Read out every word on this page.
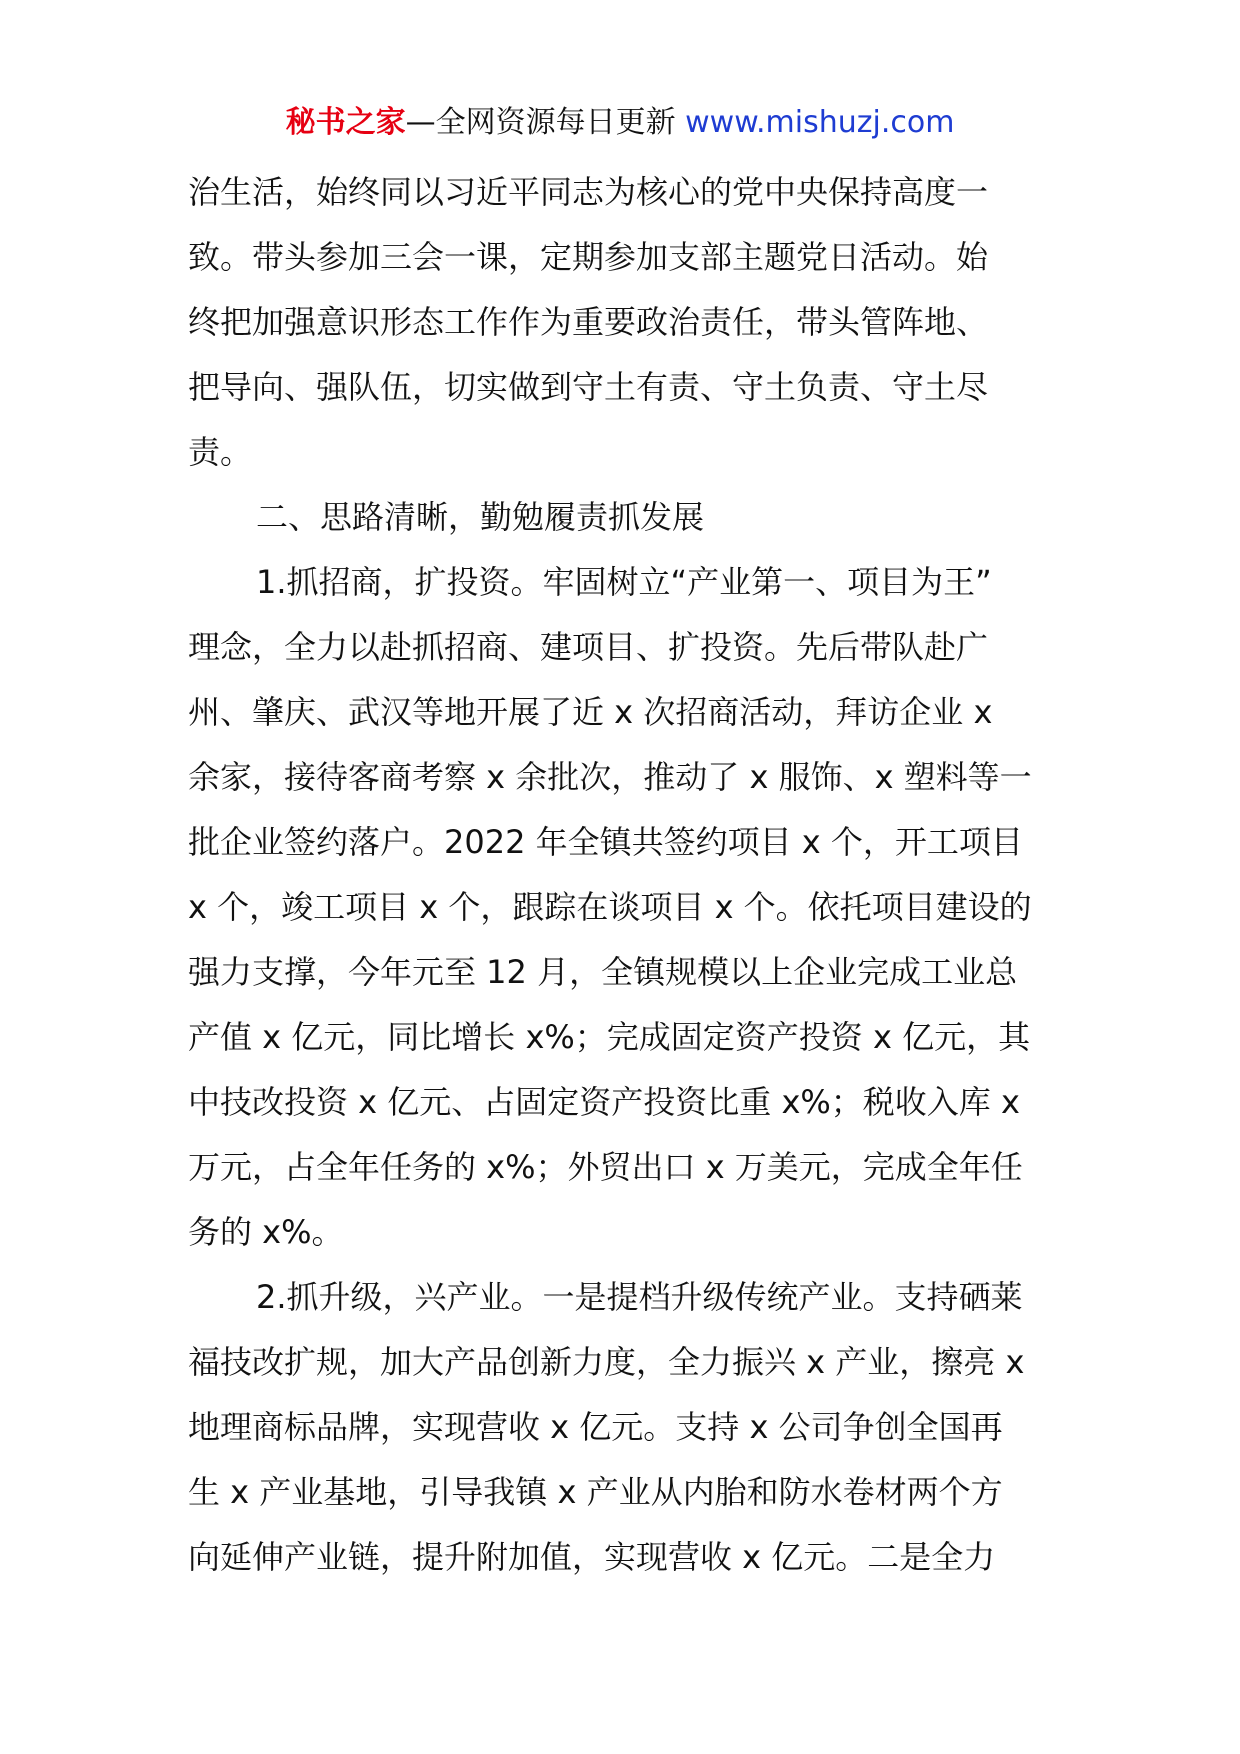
秘书之家—全网资源每日更新 www.mishuzj.com
治生活，始终同以习近平同志为核心的党中央保持高度一
致。带头参加三会一课，定期参加支部主题党日活动。始
终把加强意识形态工作作为重要政治责任，带头管阵地、
把导向、强队伍，切实做到守土有责、守土负责、守土尽
责。
二、思路清晰，勤勉履责抓发展
1.抓招商，扩投资。牢固树立“产业第一、项目为王”
理念，全力以赴抓招商、建项目、扩投资。先后带队赴广
州、肇庆、武汉等地开展了近 x 次招商活动，拜访企业 x
余家，接待客商考察 x 余批次，推动了 x 服饰、x 塑料等一
批企业签约落户。2022 年全镇共签约项目 x 个，开工项目
x 个，竣工项目 x 个，跟踪在谈项目 x 个。依托项目建设的
强力支撑，今年元至 12 月，全镇规模以上企业完成工业总
产值 x 亿元，同比增长 x%；完成固定资产投资 x 亿元，其
中技改投资 x 亿元、占固定资产投资比重 x%；税收入库 x
万元，占全年任务的 x%；外贸出口 x 万美元，完成全年任
务的 x%。
2.抓升级，兴产业。一是提档升级传统产业。支持硒莱
福技改扩规，加大产品创新力度，全力振兴 x 产业，擦亮 x
地理商标品牌，实现营收 x 亿元。支持 x 公司争创全国再
生 x 产业基地，引导我镇 x 产业从内胎和防水卷材两个方
向延伸产业链，提升附加值，实现营收 x 亿元。二是全力
